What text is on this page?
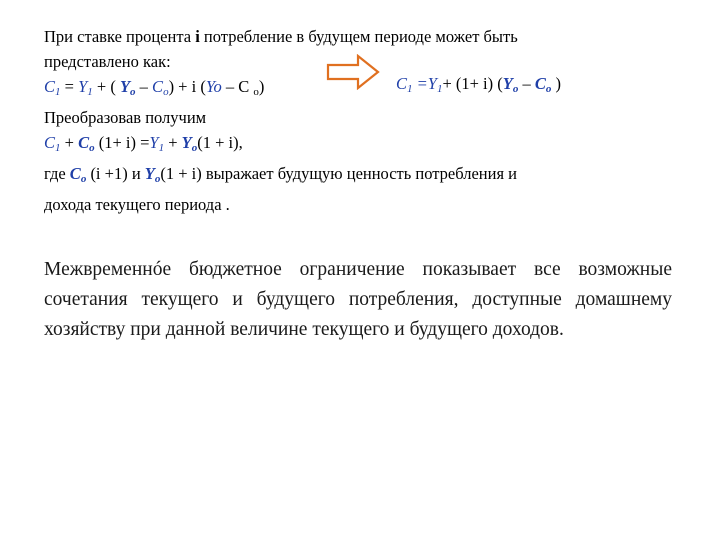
При ставке процента i потребление в будущем периоде может быть
представлено как:
$C_1 = Y_1$ + ( $Y_o - C_o) + i$ (Yo – C $_o$)
Преобразовав получим
$C_1 + C_o$ $(1+ i) =Y_1 + Y_o(1 + i)$,
где $C_o$ (i +1) и $Y_o(1 + i)$ выражает будущую ценность потребления и
дохода текущего периода .
$C_1 =Y_1+ (1+ i)$ ($Y_o - C_o$ )
Межвременнóе бюджетное ограничение показывает все возможные сочетания текущего и будущего потребления, доступные домашнему хозяйству при данной величине текущего и будущего доходов.
